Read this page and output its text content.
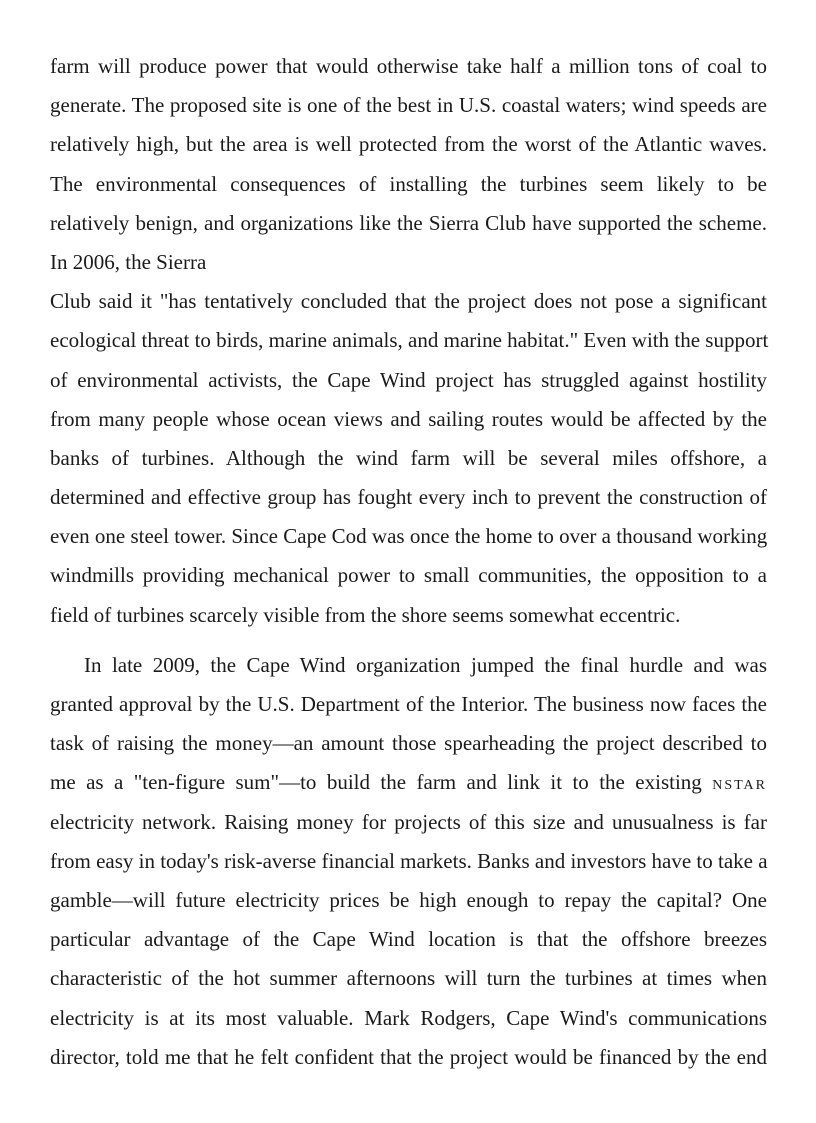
farm will produce power that would otherwise take half a million tons of coal to
generate. The proposed site is one of the best in U.S. coastal waters; wind speeds are
relatively high, but the area is well protected from the worst of the Atlantic waves.
The environmental consequences of installing the turbines seem likely to be
relatively benign, and organizations like the Sierra Club have supported the scheme.
In 2006, the Sierra
Club said it "has tentatively concluded that the project does not pose a significant
ecological threat to birds, marine animals, and marine habitat." Even with the support
of environmental activists, the Cape Wind project has struggled against hostility
from many people whose ocean views and sailing routes would be affected by the
banks of turbines. Although the wind farm will be several miles offshore, a
determined and effective group has fought every inch to prevent the construction of
even one steel tower. Since Cape Cod was once the home to over a thousand working
windmills providing mechanical power to small communities, the opposition to a
field of turbines scarcely visible from the shore seems somewhat eccentric.
In late 2009, the Cape Wind organization jumped the final hurdle and was
granted approval by the U.S. Department of the Interior. The business now faces the
task of raising the money—an amount those spearheading the project described to
me as a "ten-figure sum"—to build the farm and link it to the existing NSTAR
electricity network. Raising money for projects of this size and unusualness is far
from easy in today's risk-averse financial markets. Banks and investors have to take a
gamble—will future electricity prices be high enough to repay the capital? One
particular advantage of the Cape Wind location is that the offshore breezes
characteristic of the hot summer afternoons will turn the turbines at times when
electricity is at its most valuable. Mark Rodgers, Cape Wind's communications
director, told me that he felt confident that the project would be financed by the end
